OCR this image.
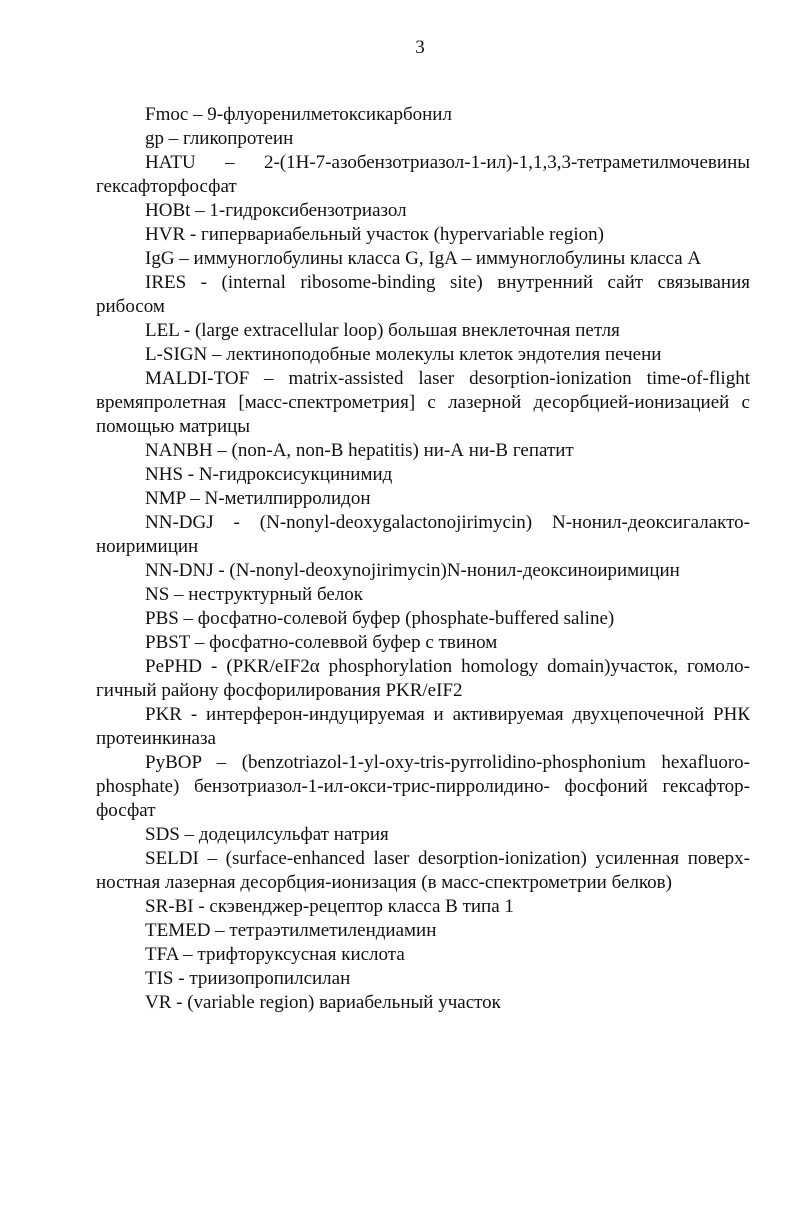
3

Fmoc – 9-флуоренилметоксикарбонил

gp – гликопротеин

HATU – 2-(1H-7-азобензотриазол-1-ил)-1,1,3,3-тетраметилмочевины гексафторфосфат

HOBt – 1-гидроксибензотриазол

HVR - гипервариабельный участок (hypervariable region)

IgG – иммуноглобулины класса G, IgA – иммуноглобулины класса A

IRES - (internal ribosome-binding site) внутренний сайт связывания рибосом

LEL - (large extracellular loop) большая внеклеточная петля

L-SIGN – лектиноподобные молекулы клеток эндотелия печени

MALDI-TOF – matrix-assisted laser desorption-ionization time-of-flight времяпролетная [масс-спектрометрия] с лазерной десорбцией-ионизацией с помощью матрицы

NANBH – (non-A, non-B hepatitis) ни-А ни-В гепатит

NHS - N-гидроксисукцинимид

NMP – N-метилпирролидон

NN-DGJ - (N-nonyl-deoxygalactonojirimycin) N-нонил-деоксигалактоноиримицин

NN-DNJ - (N-nonyl-deoxynojirimycin)N-нонил-деоксиноиримицин

NS – неструктурный белок

PBS – фосфатно-солевой буфер (phosphate-buffered saline)

PBST – фосфатно-солеввой буфер с твином

PePHD - (PKR/eIF2α phosphorylation homology domain)участок, гомологичный району фосфорилирования PKR/eIF2

PKR - интерферон-индуцируемая и активируемая двухцепочечной РНК протеинкиназа

PyBOP – (benzotriazol-1-yl-oxy-tris-pyrrolidino-phosphonium hexafluorophosphate) бензотриазол-1-ил-окси-трис-пирролидино- фосфоний гексафторфосфат

SDS – додецилсульфат натрия

SELDI – (surface-enhanced laser desorption-ionization) усиленная поверхностная лазерная десорбция-ионизация (в масс-спектрометрии белков)

SR-BI - скэвенджер-рецептор класса B типа 1

TEMED – тетраэтилметилендиамин

TFA – трифторуксусная кислота

TIS - триизопропилсилан

VR - (variable region) вариабельный участок
